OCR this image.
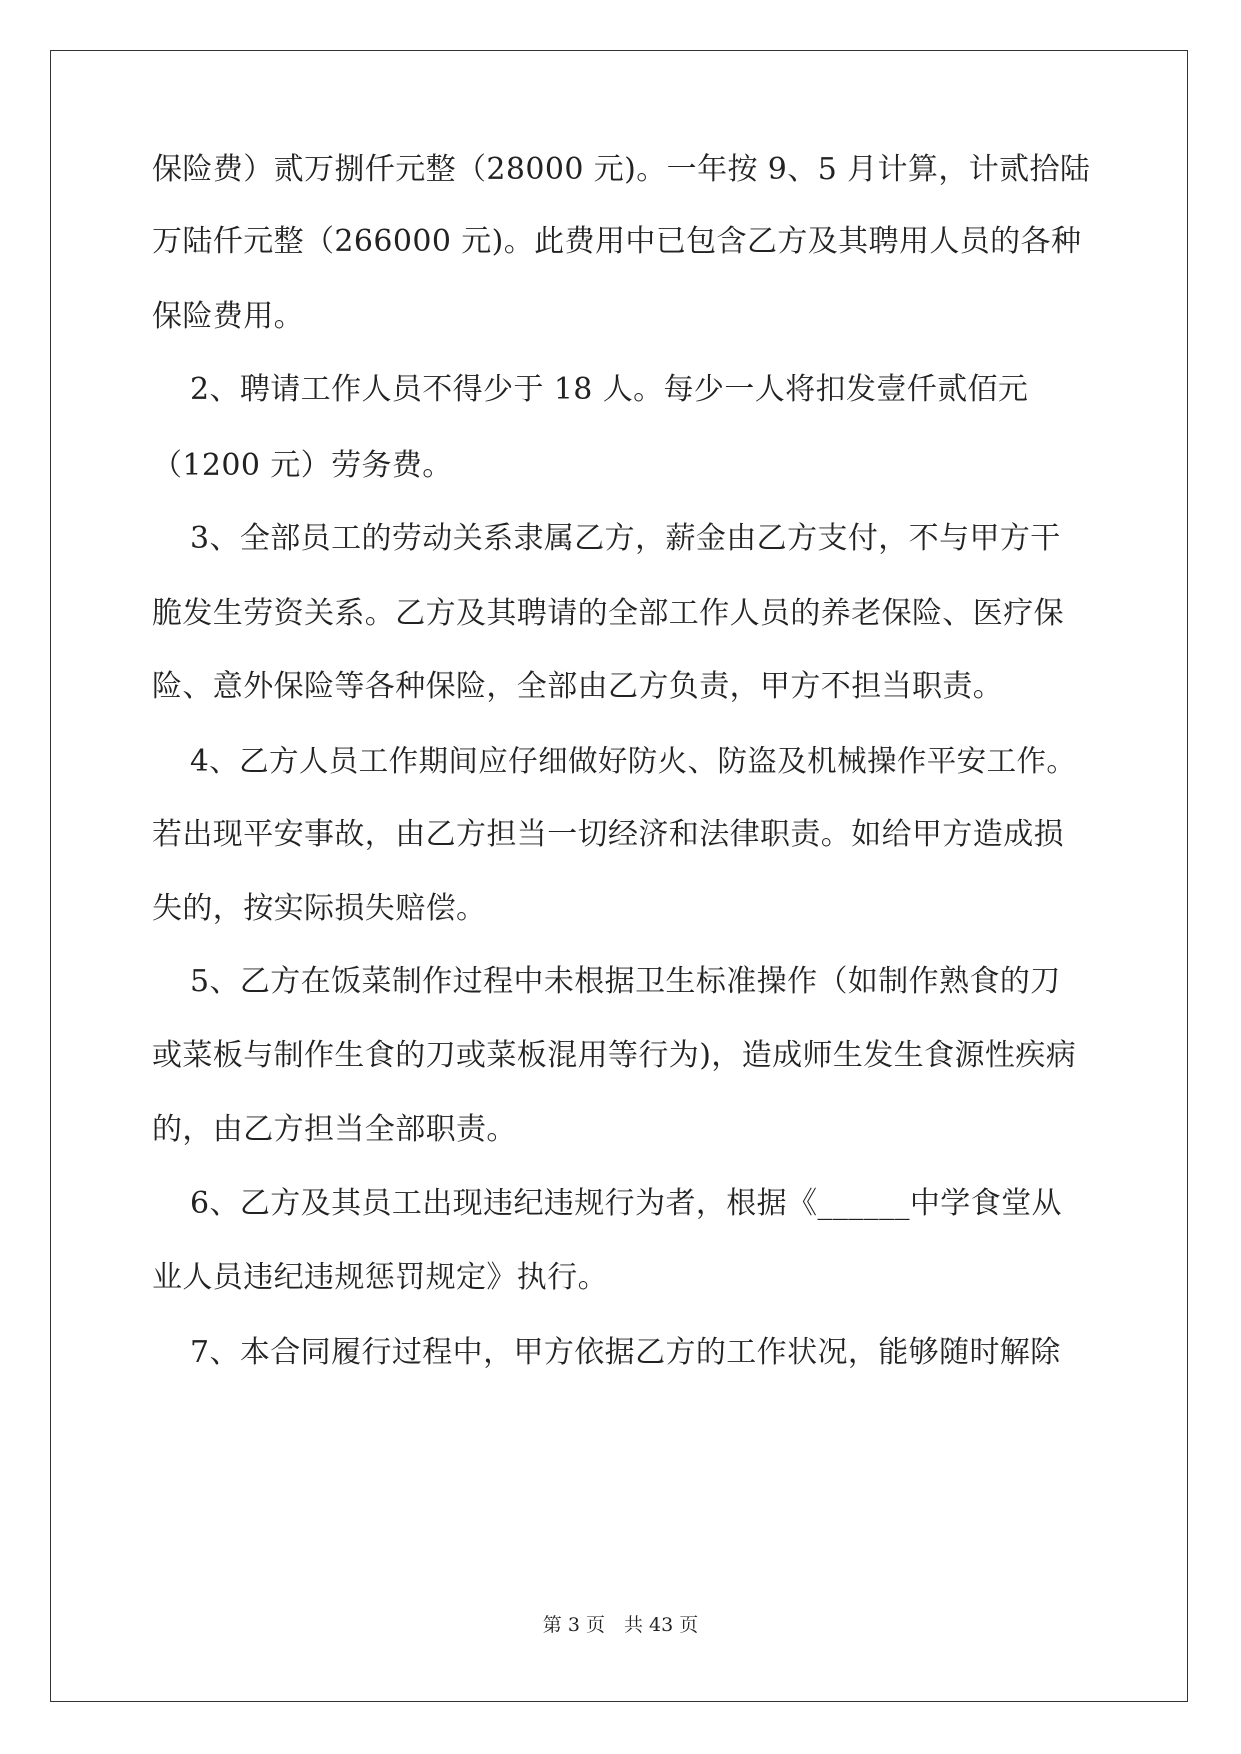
保险费）贰万捌仟元整（28000 元)。一年按 9、5 月计算，计贰拾陆
万陆仟元整（266000 元)。此费用中已包含乙方及其聘用人员的各种
保险费用。
2、聘请工作人员不得少于 18 人。每少一人将扣发壹仟贰佰元
（1200 元）劳务费。
3、全部员工的劳动关系隶属乙方，薪金由乙方支付，不与甲方干
脆发生劳资关系。乙方及其聘请的全部工作人员的养老保险、医疗保
险、意外保险等各种保险，全部由乙方负责，甲方不担当职责。
4、乙方人员工作期间应仔细做好防火、防盗及机械操作平安工作。
若出现平安事故，由乙方担当一切经济和法律职责。如给甲方造成损
失的，按实际损失赔偿。
5、乙方在饭菜制作过程中未根据卫生标准操作（如制作熟食的刀
或菜板与制作生食的刀或菜板混用等行为)，造成师生发生食源性疾病
的，由乙方担当全部职责。
6、乙方及其员工出现违纪违规行为者，根据《______中学食堂从
业人员违纪违规惩罚规定》执行。
7、本合同履行过程中，甲方依据乙方的工作状况，能够随时解除
第 3 页　共 43 页
